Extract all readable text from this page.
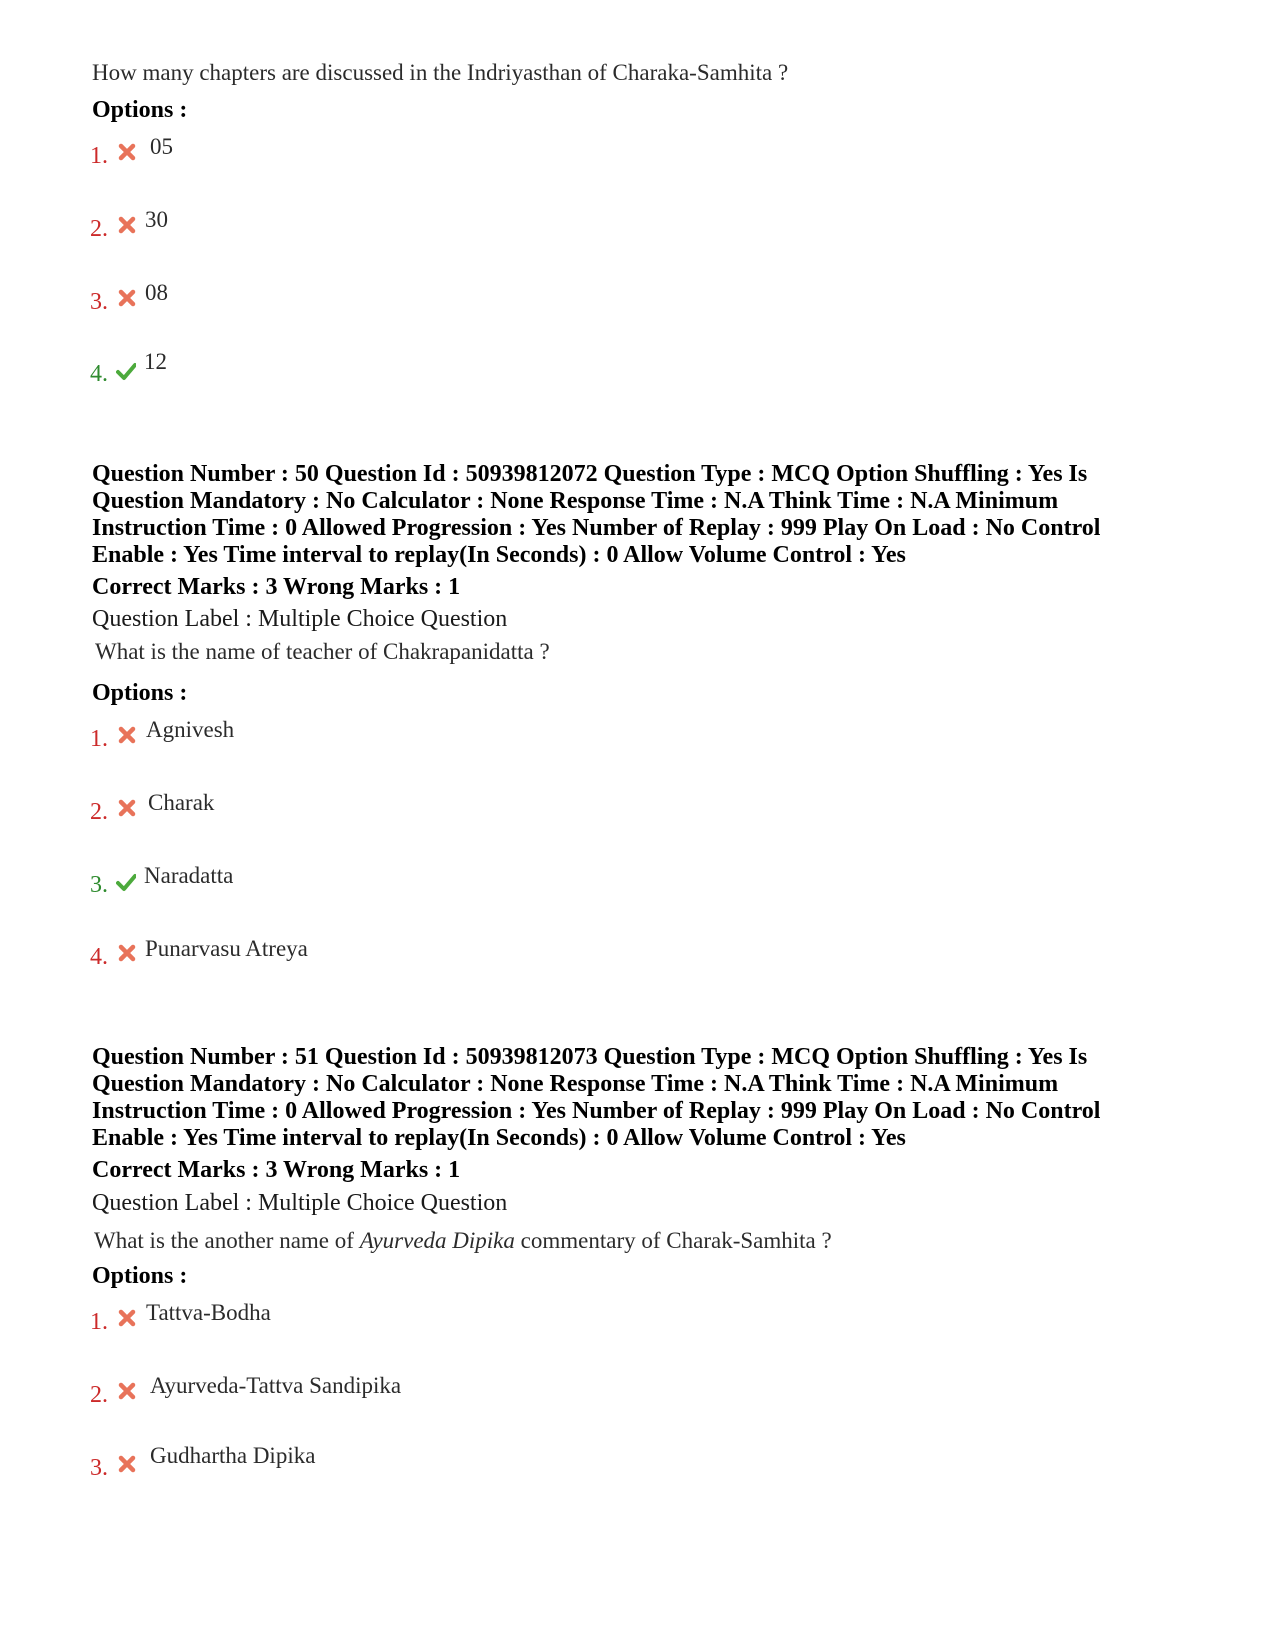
How many chapters are discussed in the Indriyasthan of Charaka-Samhita ?
Options :
1. 05
2. 30
3. 08
4. 12
Question Number : 50 Question Id : 50939812072 Question Type : MCQ Option Shuffling : Yes Is
Question Mandatory : No Calculator : None Response Time : N.A Think Time : N.A Minimum
Instruction Time : 0 Allowed Progression : Yes Number of Replay : 999 Play On Load : No Control
Enable : Yes Time interval to replay(In Seconds) : 0 Allow Volume Control : Yes
Correct Marks : 3 Wrong Marks : 1
Question Label : Multiple Choice Question
What is the name of teacher of Chakrapanidatta ?
Options :
1. Agnivesh
2. Charak
3. Naradatta
4. Punarvasu Atreya
Question Number : 51 Question Id : 50939812073 Question Type : MCQ Option Shuffling : Yes Is
Question Mandatory : No Calculator : None Response Time : N.A Think Time : N.A Minimum
Instruction Time : 0 Allowed Progression : Yes Number of Replay : 999 Play On Load : No Control
Enable : Yes Time interval to replay(In Seconds) : 0 Allow Volume Control : Yes
Correct Marks : 3 Wrong Marks : 1
Question Label : Multiple Choice Question
What is the another name of Ayurveda Dipika commentary of Charak-Samhita ?
Options :
1. Tattva-Bodha
2. Ayurveda-Tattva Sandipika
3. Gudhartha Dipika
